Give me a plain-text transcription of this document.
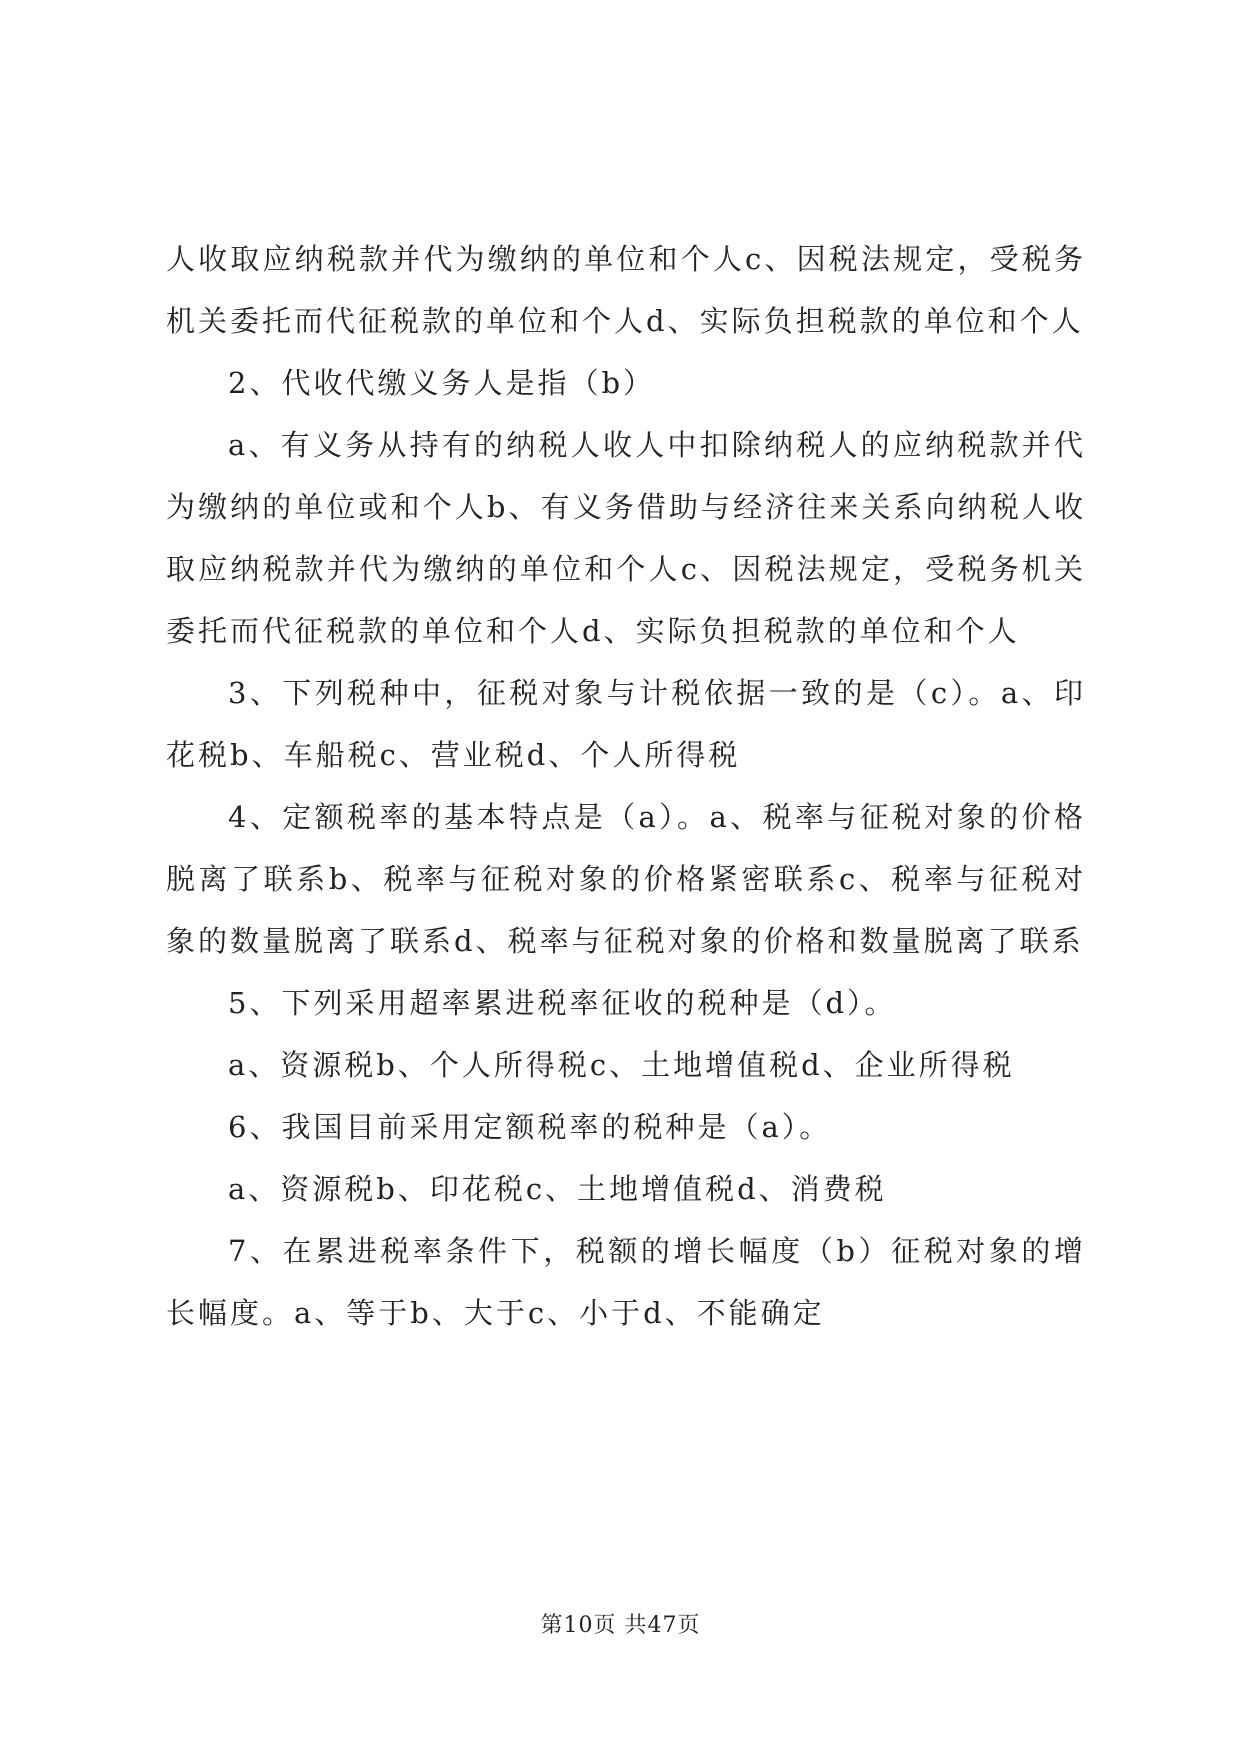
人收取应纳税款并代为缴纳的单位和个人c、因税法规定，受税务机关委托而代征税款的单位和个人d、实际负担税款的单位和个人

2、代收代缴义务人是指（b）

a、有义务从持有的纳税人收人中扣除纳税人的应纳税款并代为缴纳的单位或和个人b、有义务借助与经济往来关系向纳税人收取应纳税款并代为缴纳的单位和个人c、因税法规定，受税务机关委托而代征税款的单位和个人d、实际负担税款的单位和个人

3、下列税种中，征税对象与计税依据一致的是（c）。a、印花税b、车船税c、营业税d、个人所得税

4、定额税率的基本特点是（a）。a、税率与征税对象的价格脱离了联系b、税率与征税对象的价格紧密联系c、税率与征税对象的数量脱离了联系d、税率与征税对象的价格和数量脱离了联系

5、下列采用超率累进税率征收的税种是（d）。

a、资源税b、个人所得税c、土地增值税d、企业所得税

6、我国目前采用定额税率的税种是（a）。

a、资源税b、印花税c、土地增值税d、消费税

7、在累进税率条件下，税额的增长幅度（b）征税对象的增长幅度。a、等于b、大于c、小于d、不能确定

第10页 共47页
